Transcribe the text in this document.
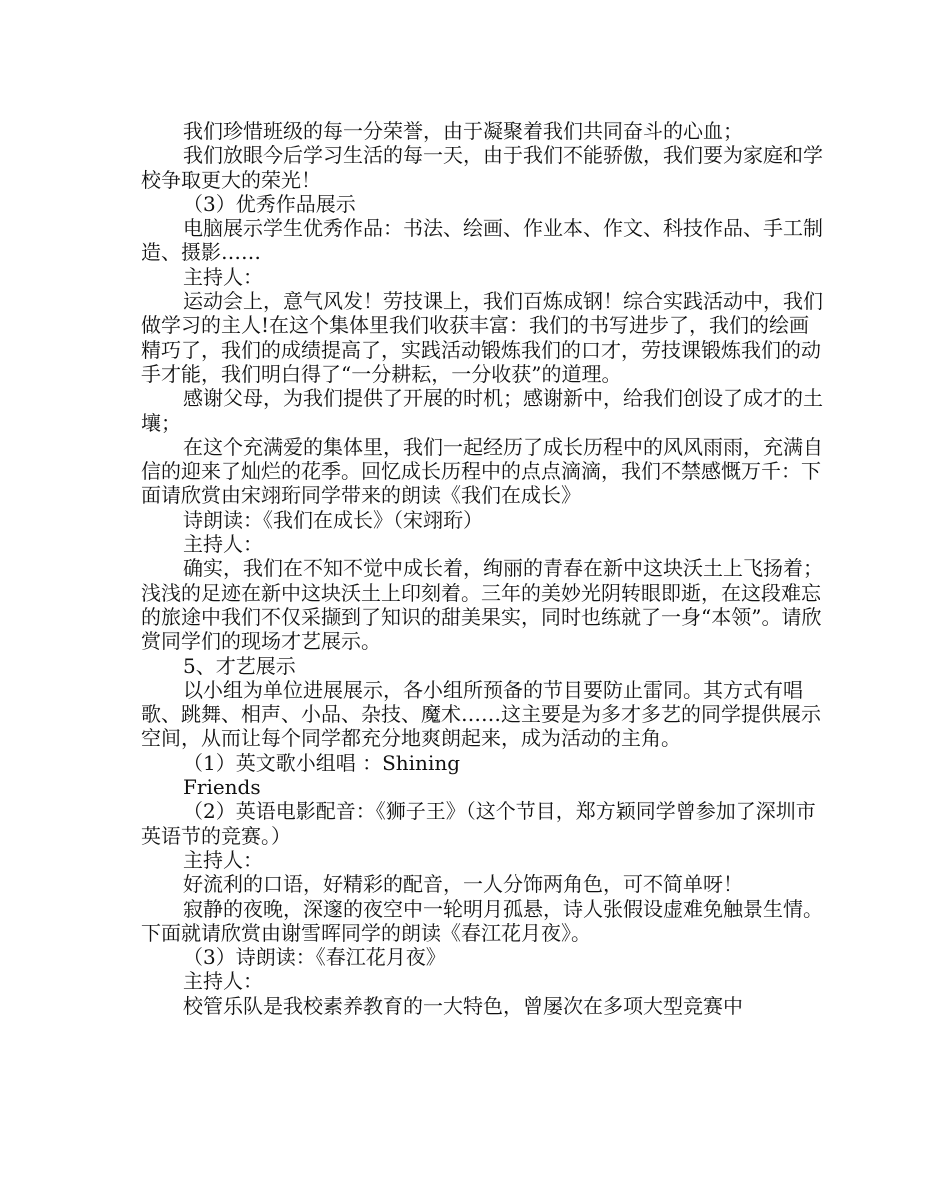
我们珍惜班级的每一分荣誉，由于凝聚着我们共同奋斗的心血；

我们放眼今后学习生活的每一天，由于我们不能骄傲，我们要为家庭和学校争取更大的荣光！

（3）优秀作品展示

电脑展示学生优秀作品：书法、绘画、作业本、作文、科技作品、手工制造、摄影……

主持人：

运动会上，意气风发！劳技课上，我们百炼成钢！综合实践活动中，我们做学习的主人!在这个集体里我们收获丰富：我们的书写进步了，我们的绘画精巧了，我们的成绩提高了，实践活动锻炼我们的口才，劳技课锻炼我们的动手才能，我们明白得了“一分耕耘，一分收获”的道理。

感谢父母，为我们提供了开展的时机；感谢新中，给我们创设了成才的土壤；

在这个充满爱的集体里，我们一起经历了成长历程中的风风雨雨，充满自信的迎来了灿烂的花季。回忆成长历程中的点点滴滴，我们不禁感慨万千：下面请欣赏由宋翊珩同学带来的朗读《我们在成长》

诗朗读：《我们在成长》（宋翊珩）

主持人：

确实，我们在不知不觉中成长着，绚丽的青春在新中这块沃土上飞扬着；浅浅的足迹在新中这块沃土上印刻着。三年的美妙光阴转眼即逝，在这段难忘的旅途中我们不仅采撷到了知识的甜美果实，同时也练就了一身“本领”。请欣赏同学们的现场才艺展示。

5、才艺展示

以小组为单位进展展示，各小组所预备的节目要防止雷同。其方式有唱歌、跳舞、相声、小品、杂技、魔术……这主要是为多才多艺的同学提供展示空间，从而让每个同学都充分地爽朗起来，成为活动的主角。

（1）英文歌小组唱 ：Shining

Friends

（2）英语电影配音：《狮子王》（这个节目，郑方颖同学曾参加了深圳市英语节的竞赛。）

主持人：

好流利的口语，好精彩的配音，一人分饰两角色，可不简单呀！

寂静的夜晚，深邃的夜空中一轮明月孤悬，诗人张假设虚难免触景生情。下面就请欣赏由谢雪晖同学的朗读《春江花月夜》。

（3）诗朗读：《春江花月夜》

主持人：

校管乐队是我校素养教育的一大特色，曾屡次在多项大型竞赛中
